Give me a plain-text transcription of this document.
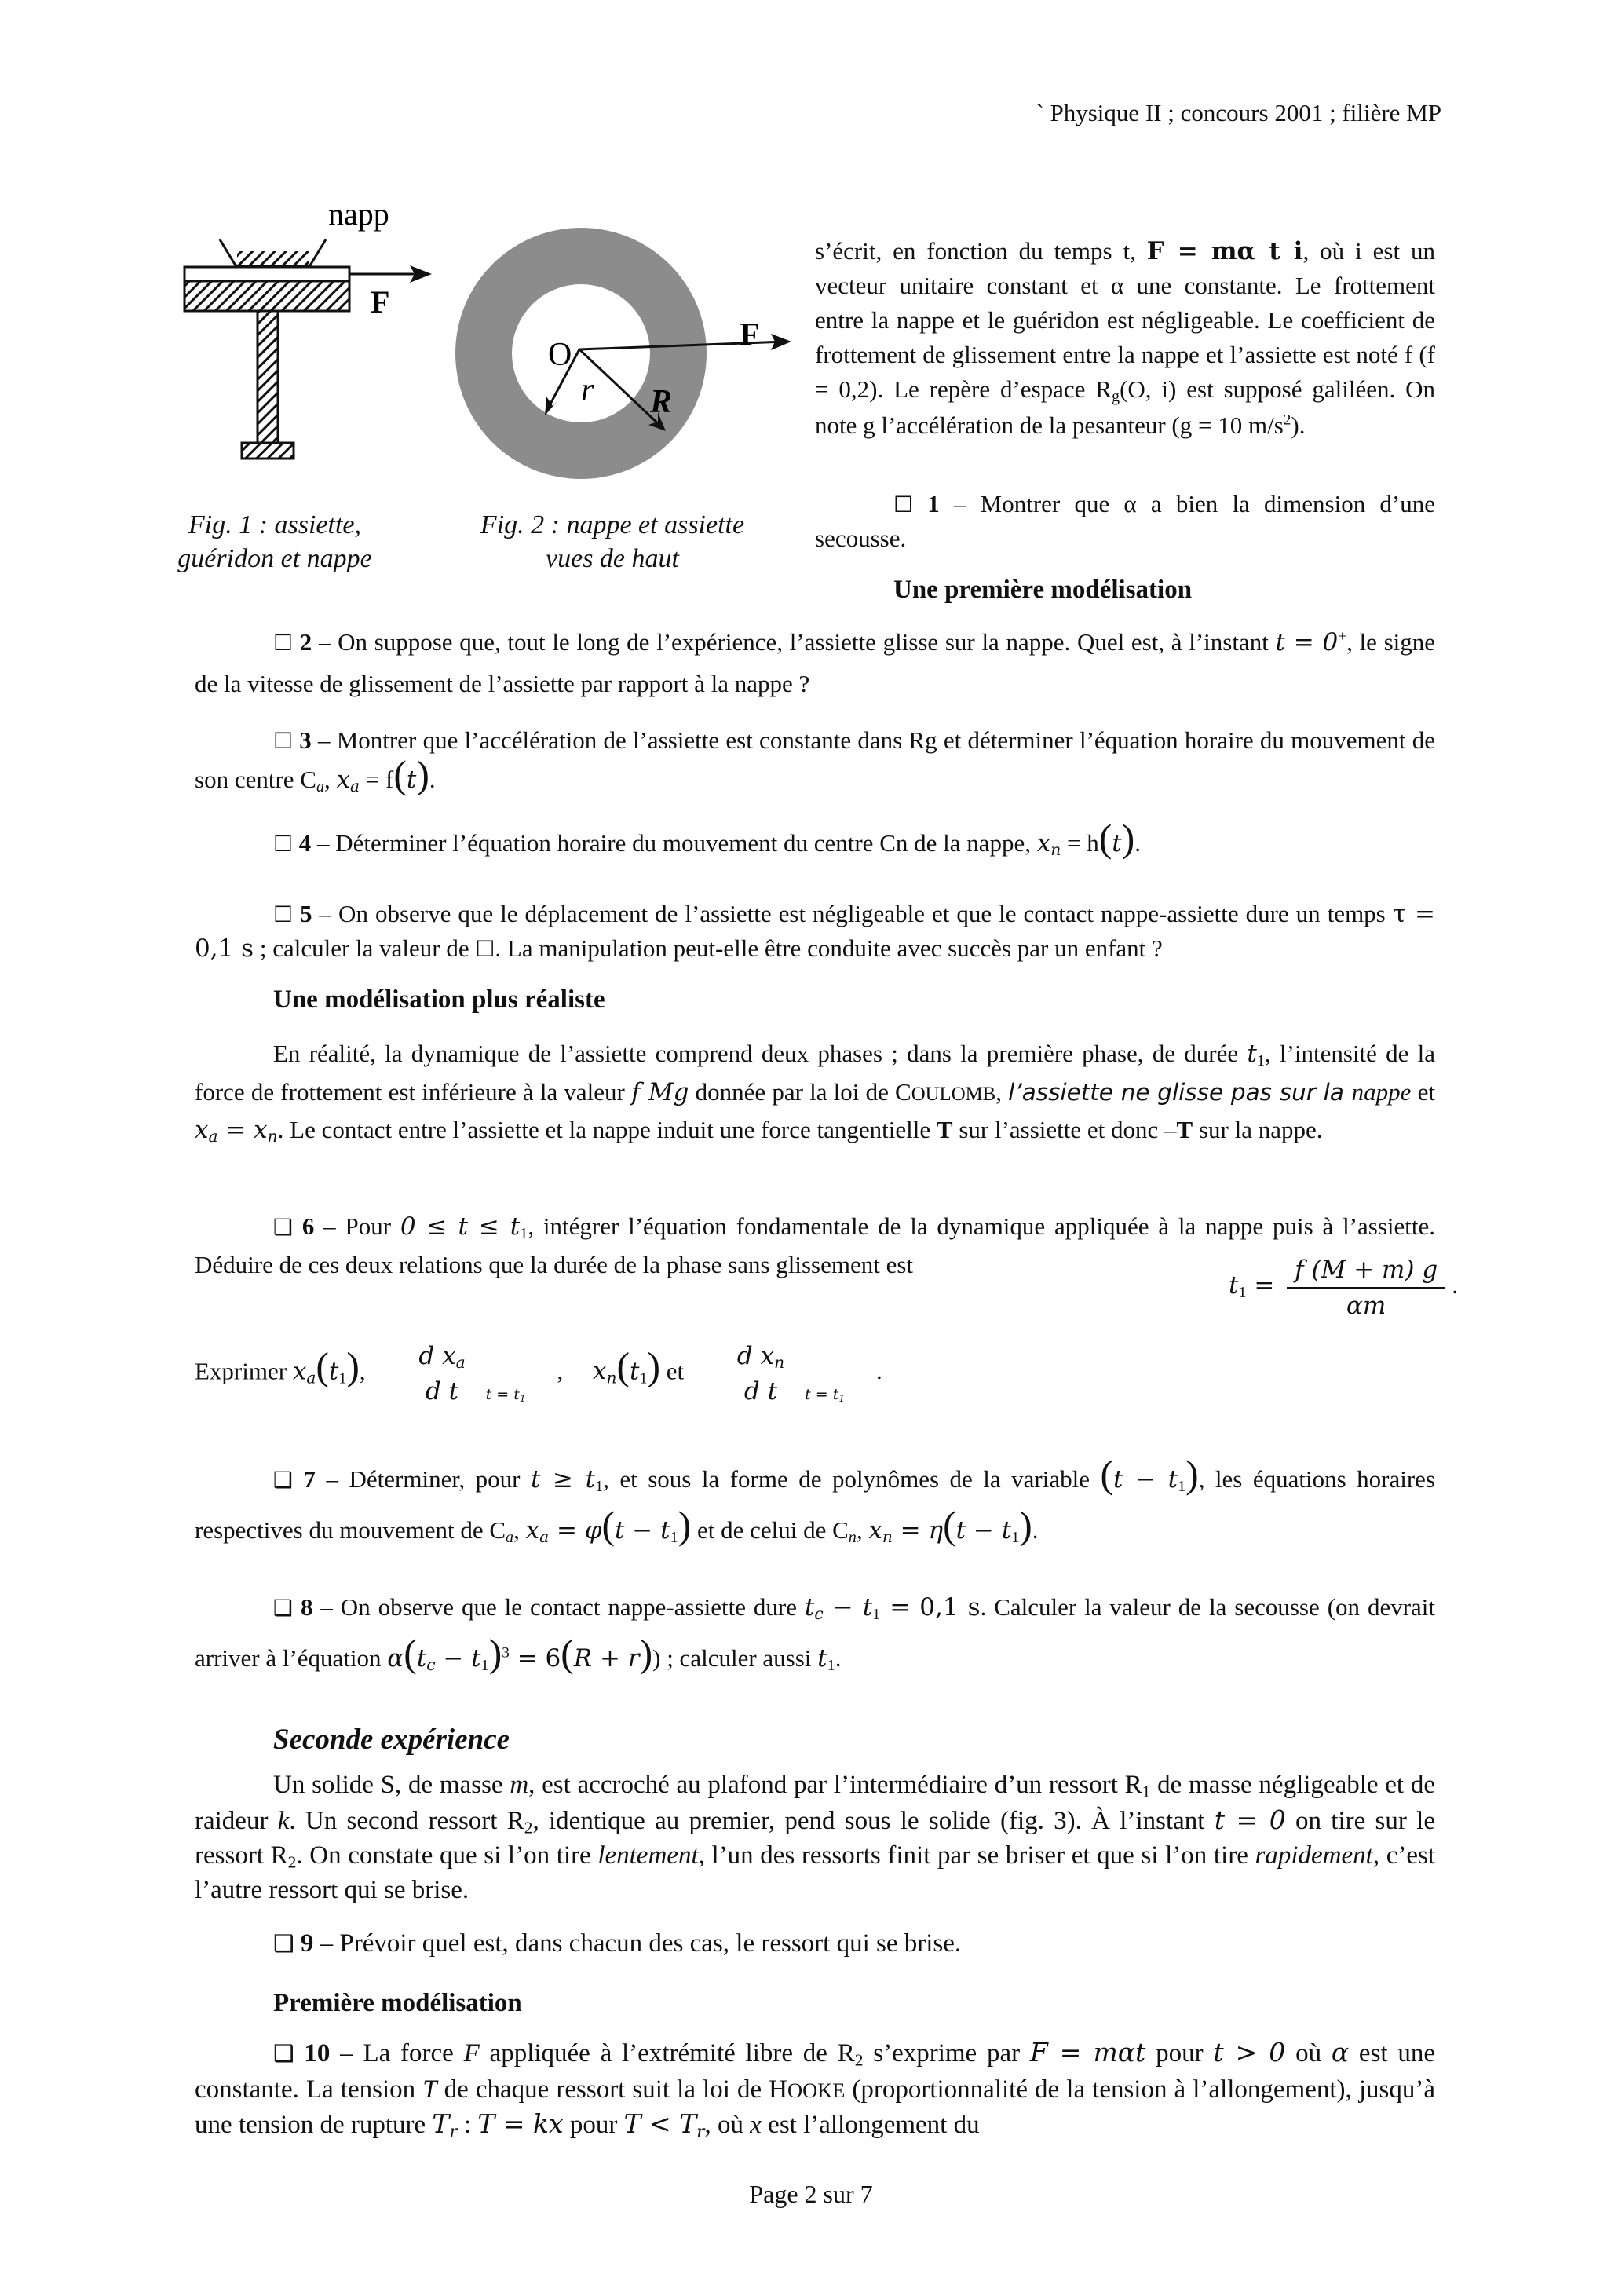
` Physique II ; concours 2001 ; filière MP
napp
F
Fig. 1 : assiette,
guéridon et nappe
O
r R
F
Fig. 2 : nappe et assiette
vues de haut
s’écrit, en fonction du temps t, F = mα t i, où i est un vecteur unitaire constant et α une constante. Le frottement entre la nappe et le guéridon est négligeable. Le coefficient de frottement de glissement entre la nappe et l’assiette est noté f (f = 0,2). Le repère d’espace $R_g(O$, i) est supposé galiléen. On note g l’accélération de la pesanteur (g = 10 $m/s^2$).
☐ 1 – Montrer que α a bien la dimension d’une secousse.
Une première modélisation
☐ 2 – On suppose que, tout le long de l’expérience, l’assiette glisse sur la nappe. Quel est, à l’instant t = 0+, le signe de la vitesse de glissement de l’assiette par rapport à la nappe ?
☐ 3 – Montrer que l’accélération de l’assiette est constante dans Rg et déterminer l’équation horaire du mouvement de son centre $C_a$, $x_a = f(t)$.
☐ 4 – Déterminer l’équation horaire du mouvement du centre Cn de la nappe, $x_n = h(t)$.
☐ 5 – On observe que le déplacement de l’assiette est négligeable et que le contact nappe-assiette dure un temps τ = 0,1 s ; calculer la valeur de ☐. La manipulation peut-elle être conduite avec succès par un enfant ?
Une modélisation plus réaliste
En réalité, la dynamique de l’assiette comprend deux phases ; dans la première phase, de durée $t_1$, l’intensité de la force de frottement est inférieure à la valeur f Mg donnée par la loi de COULOMB, l’assiette ne glisse pas sur la nappe et $x_a = x_n$. Le contact entre l’assiette et la nappe induit une force tangentielle T sur l’assiette et donc –T sur la nappe.
❑ 6 – Pour $0 \le t \le t_1$, intégrer l’équation fondamentale de la dynamique appliquée à la nappe puis à l’assiette. Déduire de ces deux relations que la durée de la phase sans glissement est
$t_1 = \frac{f (M + m) g}{\alpha m}$ .
Exprimer $x_a(t_1)$,
d $x_a$
d t	$_{t = t_1}$ , $x_n(t_1)$ et
d $x_n$
d t	$_{t = t_1}$ .
❑ 7 – Déterminer, pour $t \ge t_1$, et sous la forme de polynômes de la variable $(t - t_1)$, les équations horaires respectives du mouvement de $C_a$, $x_a = \varphi(t - t_1)$ et de celui de $C_n$, $x_n = \eta(t - t_1)$.
❑ 8 – On observe que le contact nappe-assiette dure $t_c - t_1 = 0,1$ s. Calculer la valeur de la secousse (on devrait arriver à l’équation $\alpha(t_c - t_1)^3 = 6(R + r)$) ; calculer aussi $t_1$.
Seconde expérience
Un solide S, de masse m, est accroché au plafond par l’intermédiaire d’un ressort $R_1$ de masse négligeable et de raideur k. Un second ressort $R_2$, identique au premier, pend sous le solide (fig. 3). À l’instant t = 0 on tire sur le ressort $R_2$. On constate que si l’on tire lentement, l’un des ressorts finit par se briser et que si l’on tire rapidement, c’est l’autre ressort qui se brise.
❑ 9 – Prévoir quel est, dans chacun des cas, le ressort qui se brise.
Première modélisation
❑ 10 – La force F appliquée à l’extrémité libre de $R_2$ s’exprime par F = mαt pour t > 0 où α est une constante. La tension T de chaque ressort suit la loi de HOOKE (proportionnalité de la tension à l’allongement), jusqu’à une tension de rupture $T_r$ : T = kx pour $T < T_r$, où x est l’allongement du
Page 2 sur 7
